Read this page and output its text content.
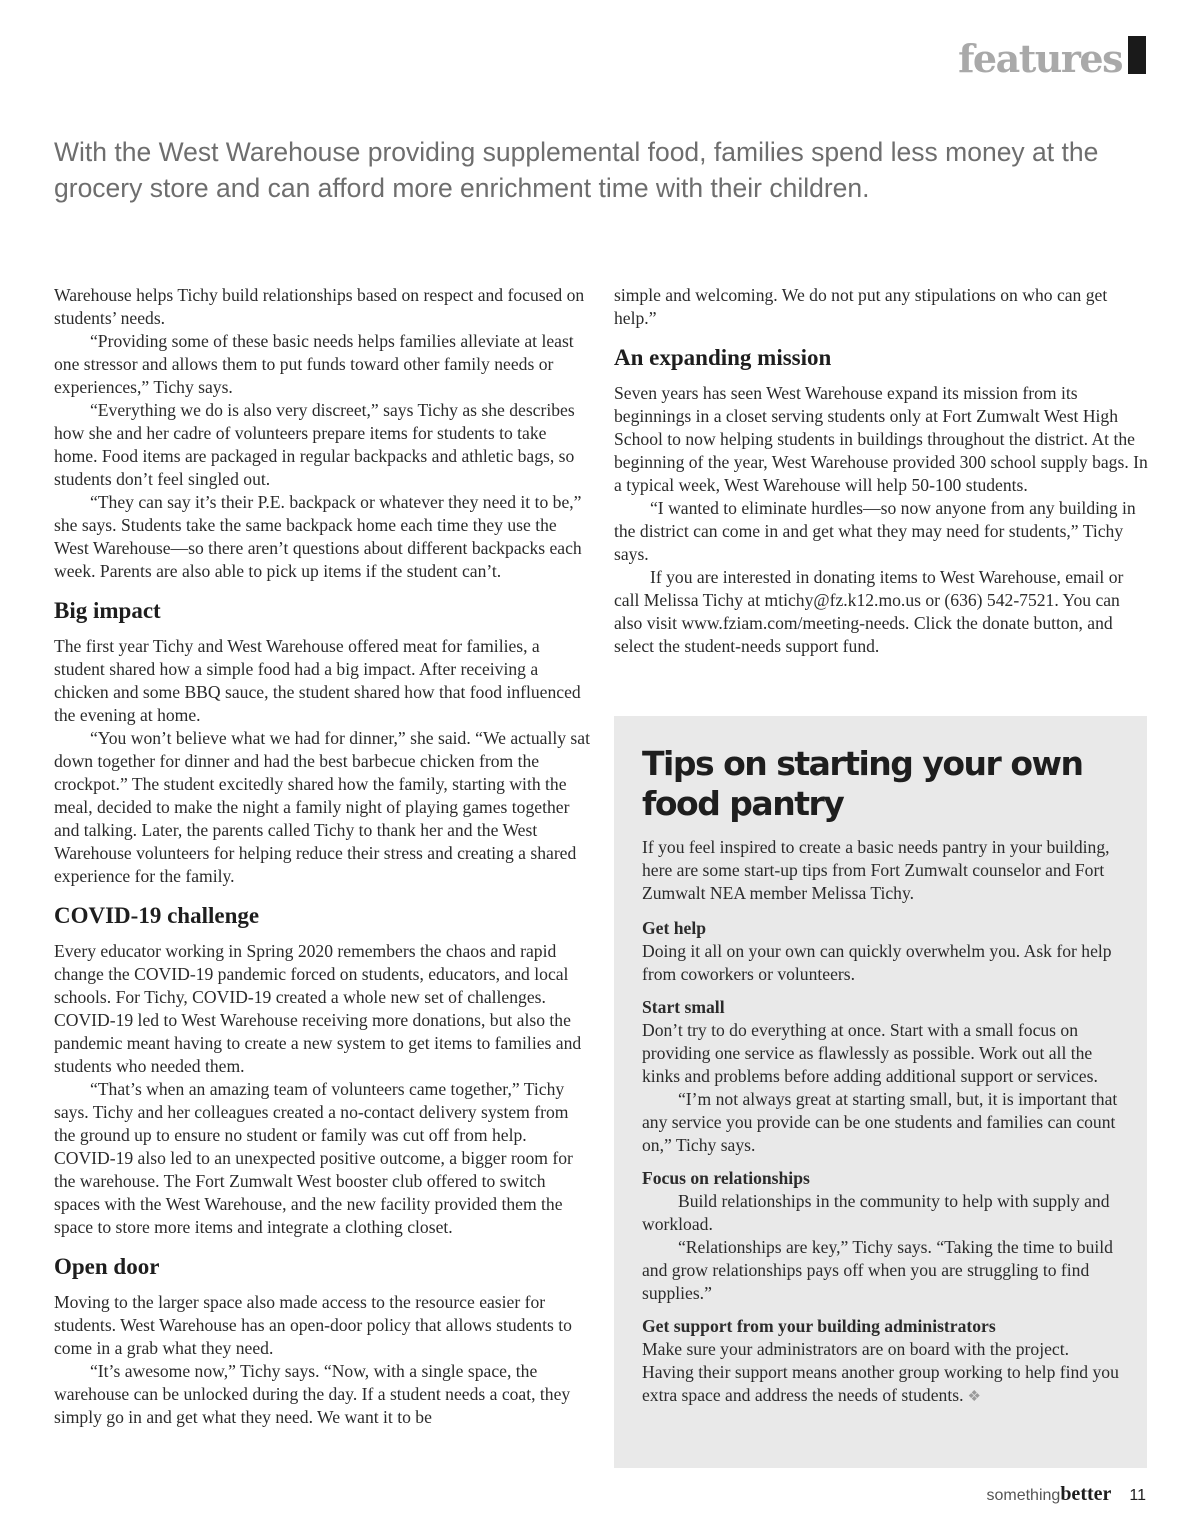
features

With the West Warehouse providing supplemental food, families spend less money at the grocery store and can afford more enrichment time with their children.

Warehouse helps Tichy build relationships based on respect and focused on students’ needs.

“Providing some of these basic needs helps families alleviate at least one stressor and allows them to put funds toward other family needs or experiences,” Tichy says.

“Everything we do is also very discreet,” says Tichy as she describes how she and her cadre of volunteers prepare items for students to take home. Food items are packaged in regular backpacks and athletic bags, so students don’t feel singled out.

“They can say it’s their P.E. backpack or whatever they need it to be,” she says. Students take the same backpack home each time they use the West Warehouse—so there aren’t questions about different backpacks each week. Parents are also able to pick up items if the student can’t.

Big impact

The first year Tichy and West Warehouse offered meat for families, a student shared how a simple food had a big impact. After receiving a chicken and some BBQ sauce, the student shared how that food influenced the evening at home.

“You won’t believe what we had for dinner,” she said. “We actually sat down together for dinner and had the best barbecue chicken from the crockpot.” The student excitedly shared how the family, starting with the meal, decided to make the night a family night of playing games together and talking. Later, the parents called Tichy to thank her and the West Warehouse volunteers for helping reduce their stress and creating a shared experience for the family.

COVID-19 challenge

Every educator working in Spring 2020 remembers the chaos and rapid change the COVID-19 pandemic forced on students, educators, and local schools. For Tichy, COVID-19 created a whole new set of challenges. COVID-19 led to West Warehouse receiving more donations, but also the pandemic meant having to create a new system to get items to families and students who needed them.

“That’s when an amazing team of volunteers came together,” Tichy says. Tichy and her colleagues created a no-contact delivery system from the ground up to ensure no student or family was cut off from help. COVID-19 also led to an unexpected positive outcome, a bigger room for the warehouse. The Fort Zumwalt West booster club offered to switch spaces with the West Warehouse, and the new facility provided them the space to store more items and integrate a clothing closet.

Open door

Moving to the larger space also made access to the resource easier for students. West Warehouse has an open-door policy that allows students to come in a grab what they need.

“It’s awesome now,” Tichy says. “Now, with a single space, the warehouse can be unlocked during the day. If a student needs a coat, they simply go in and get what they need. We want it to be

simple and welcoming. We do not put any stipulations on who can get help.”

An expanding mission

Seven years has seen West Warehouse expand its mission from its beginnings in a closet serving students only at Fort Zumwalt West High School to now helping students in buildings throughout the district. At the beginning of the year, West Warehouse provided 300 school supply bags. In a typical week, West Warehouse will help 50-100 students.

“I wanted to eliminate hurdles—so now anyone from any building in the district can come in and get what they may need for students,” Tichy says.

If you are interested in donating items to West Warehouse, email or call Melissa Tichy at mtichy@fz.k12.mo.us or (636) 542-7521. You can also visit www.fziam.com/meeting-needs. Click the donate button, and select the student-needs support fund.

Tips on starting your own food pantry

If you feel inspired to create a basic needs pantry in your building, here are some start-up tips from Fort Zumwalt counselor and Fort Zumwalt NEA member Melissa Tichy.

Get help

Doing it all on your own can quickly overwhelm you. Ask for help from coworkers or volunteers.

Start small

Don’t try to do everything at once. Start with a small focus on providing one service as flawlessly as possible. Work out all the kinks and problems before adding additional support or services.

“I’m not always great at starting small, but, it is important that any service you provide can be one students and families can count on,” Tichy says.

Focus on relationships

Build relationships in the community to help with supply and workload.

“Relationships are key,” Tichy says. “Taking the time to build and grow relationships pays off when you are struggling to find supplies.”

Get support from your building administrators

Make sure your administrators are on board with the project. Having their support means another group working to help find you extra space and address the needs of students. ❖

something better 11
